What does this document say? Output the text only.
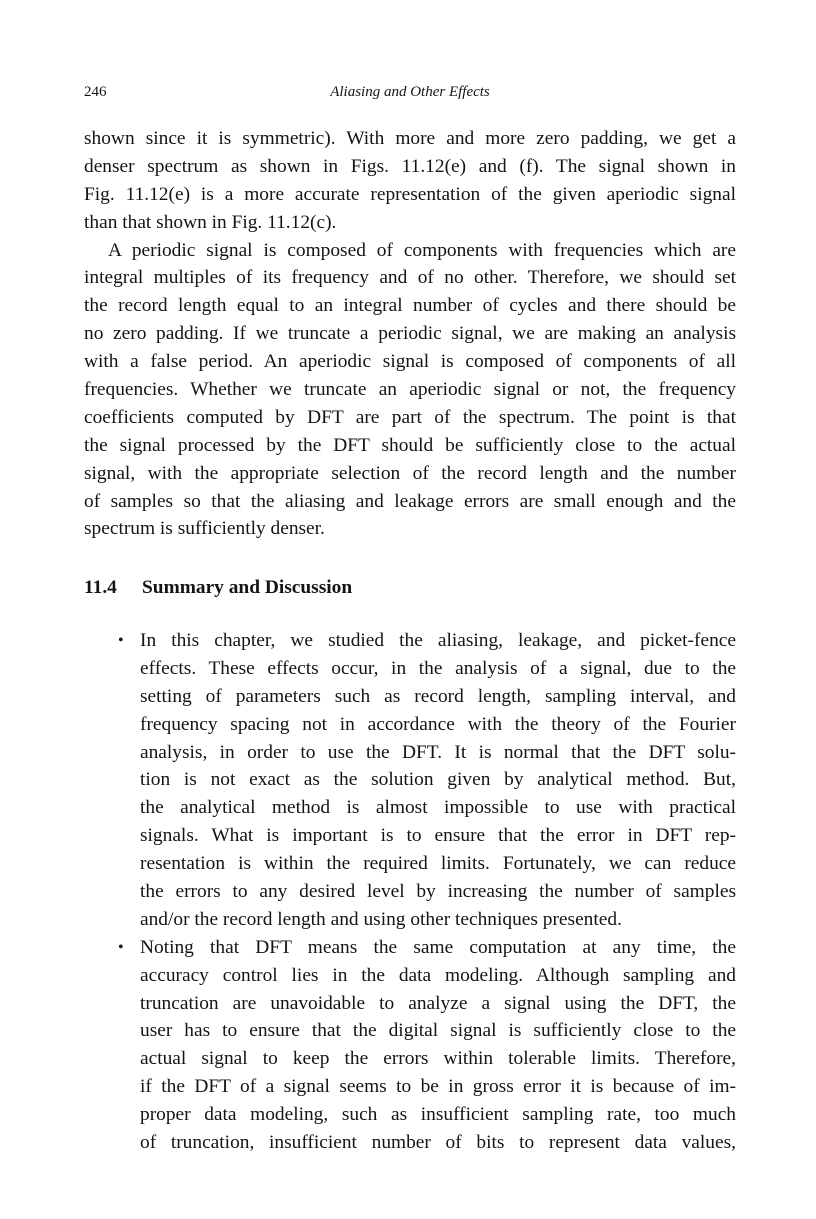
246	Aliasing and Other Effects
shown since it is symmetric). With more and more zero padding, we get a
denser spectrum as shown in Figs. 11.12(e) and (f). The signal shown in
Fig. 11.12(e) is a more accurate representation of the given aperiodic signal
than that shown in Fig. 11.12(c).
A periodic signal is composed of components with frequencies which are
integral multiples of its frequency and of no other. Therefore, we should set
the record length equal to an integral number of cycles and there should be
no zero padding. If we truncate a periodic signal, we are making an analysis
with a false period. An aperiodic signal is composed of components of all
frequencies. Whether we truncate an aperiodic signal or not, the frequency
coefficients computed by DFT are part of the spectrum. The point is that
the signal processed by the DFT should be sufficiently close to the actual
signal, with the appropriate selection of the record length and the number
of samples so that the aliasing and leakage errors are small enough and the
spectrum is sufficiently denser.
11.4 Summary and Discussion
• In this chapter, we studied the aliasing, leakage, and picket-fence
effects. These effects occur, in the analysis of a signal, due to the
setting of parameters such as record length, sampling interval, and
frequency spacing not in accordance with the theory of the Fourier
analysis, in order to use the DFT. It is normal that the DFT solu-
tion is not exact as the solution given by analytical method. But,
the analytical method is almost impossible to use with practical
signals. What is important is to ensure that the error in DFT rep-
resentation is within the required limits. Fortunately, we can reduce
the errors to any desired level by increasing the number of samples
and/or the record length and using other techniques presented.
• Noting that DFT means the same computation at any time, the
accuracy control lies in the data modeling. Although sampling and
truncation are unavoidable to analyze a signal using the DFT, the
user has to ensure that the digital signal is sufficiently close to the
actual signal to keep the errors within tolerable limits. Therefore,
if the DFT of a signal seems to be in gross error it is because of im-
proper data modeling, such as insufficient sampling rate, too much
of truncation, insufficient number of bits to represent data values,
